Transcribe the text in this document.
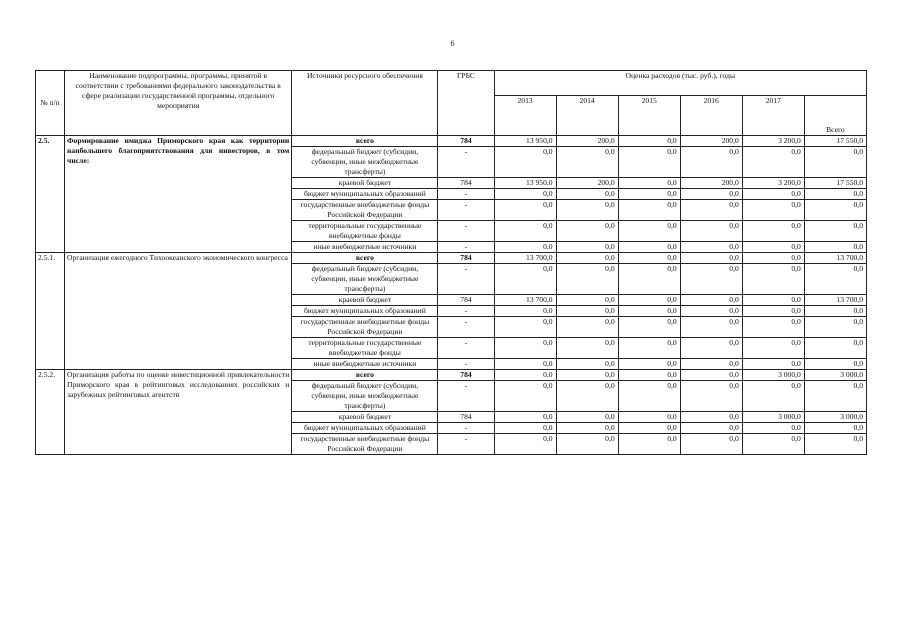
6
№ п/п	Наименование подпрограммы, программы, принятой в соответствии с требованиями федерального законодательства в сфере реализации государственной программы, отдельного мероприятия	Источники ресурсного обеспечения	ГРБС	Оценка расходов (тыс. руб.), годы					
				2013	2014	2015	2016	2017	Всего
2.5.	Формирование имиджа Приморского края как территории наибольшего благоприятствования для инвесторов, в том числе:	всего	784	13 950,0	200,0	0,0	200,0	3 200,0	17 550,0
		федеральный бюджет (субсидии, субвенции, иные межбюджетные трансферты)	-	0,0	0,0	0,0	0,0	0,0	0,0
		краевой бюджет	784	13 950,0	200,0	0,0	200,0	3 200,0	17 550,0
		бюджет муниципальных образований	-	0,0	0,0	0,0	0,0	0,0	0,0
		государственные внебюджетные фонды Российской Федерации	-	0,0	0,0	0,0	0,0	0,0	0,0
		территориальные государственные внебюджетные фонды	-	0,0	0,0	0,0	0,0	0,0	0,0
		иные внебюджетные источники	-	0,0	0,0	0,0	0,0	0,0	0,0
2.5.1.	Организация ежегодного Тихоокеанского экономического конгресса	всего	784	13 700,0	0,0	0,0	0,0	0,0	13 700,0
		федеральный бюджет (субсидии, субвенции, иные межбюджетные трансферты)	-	0,0	0,0	0,0	0,0	0,0	0,0
		краевой бюджет	784	13 700,0	0,0	0,0	0,0	0,0	13 700,0
		бюджет муниципальных образований	-	0,0	0,0	0,0	0,0	0,0	0,0
		государственные внебюджетные фонды Российской Федерации	-	0,0	0,0	0,0	0,0	0,0	0,0
		территориальные государственные внебюджетные фонды	-	0,0	0,0	0,0	0,0	0,0	0,0
		иные внебюджетные источники	-	0,0	0,0	0,0	0,0	0,0	0,0
2.5.2.	Организация работы по оценке инвестиционной привлекательности Приморского края в рейтинговых исследованиях российских и зарубежных рейтинговых агентств	всего	784	0,0	0,0	0,0	0,0	3 000,0	3 000,0
		федеральный бюджет (субсидии, субвенции, иные межбюджетные трансферты)	-	0,0	0,0	0,0	0,0	0,0	0,0
		краевой бюджет	784	0,0	0,0	0,0	0,0	3 000,0	3 000,0
		бюджет муниципальных образований	-	0,0	0,0	0,0	0,0	0,0	0,0
		государственные внебюджетные фонды Российской Федерации	-	0,0	0,0	0,0	0,0	0,0	0,0
